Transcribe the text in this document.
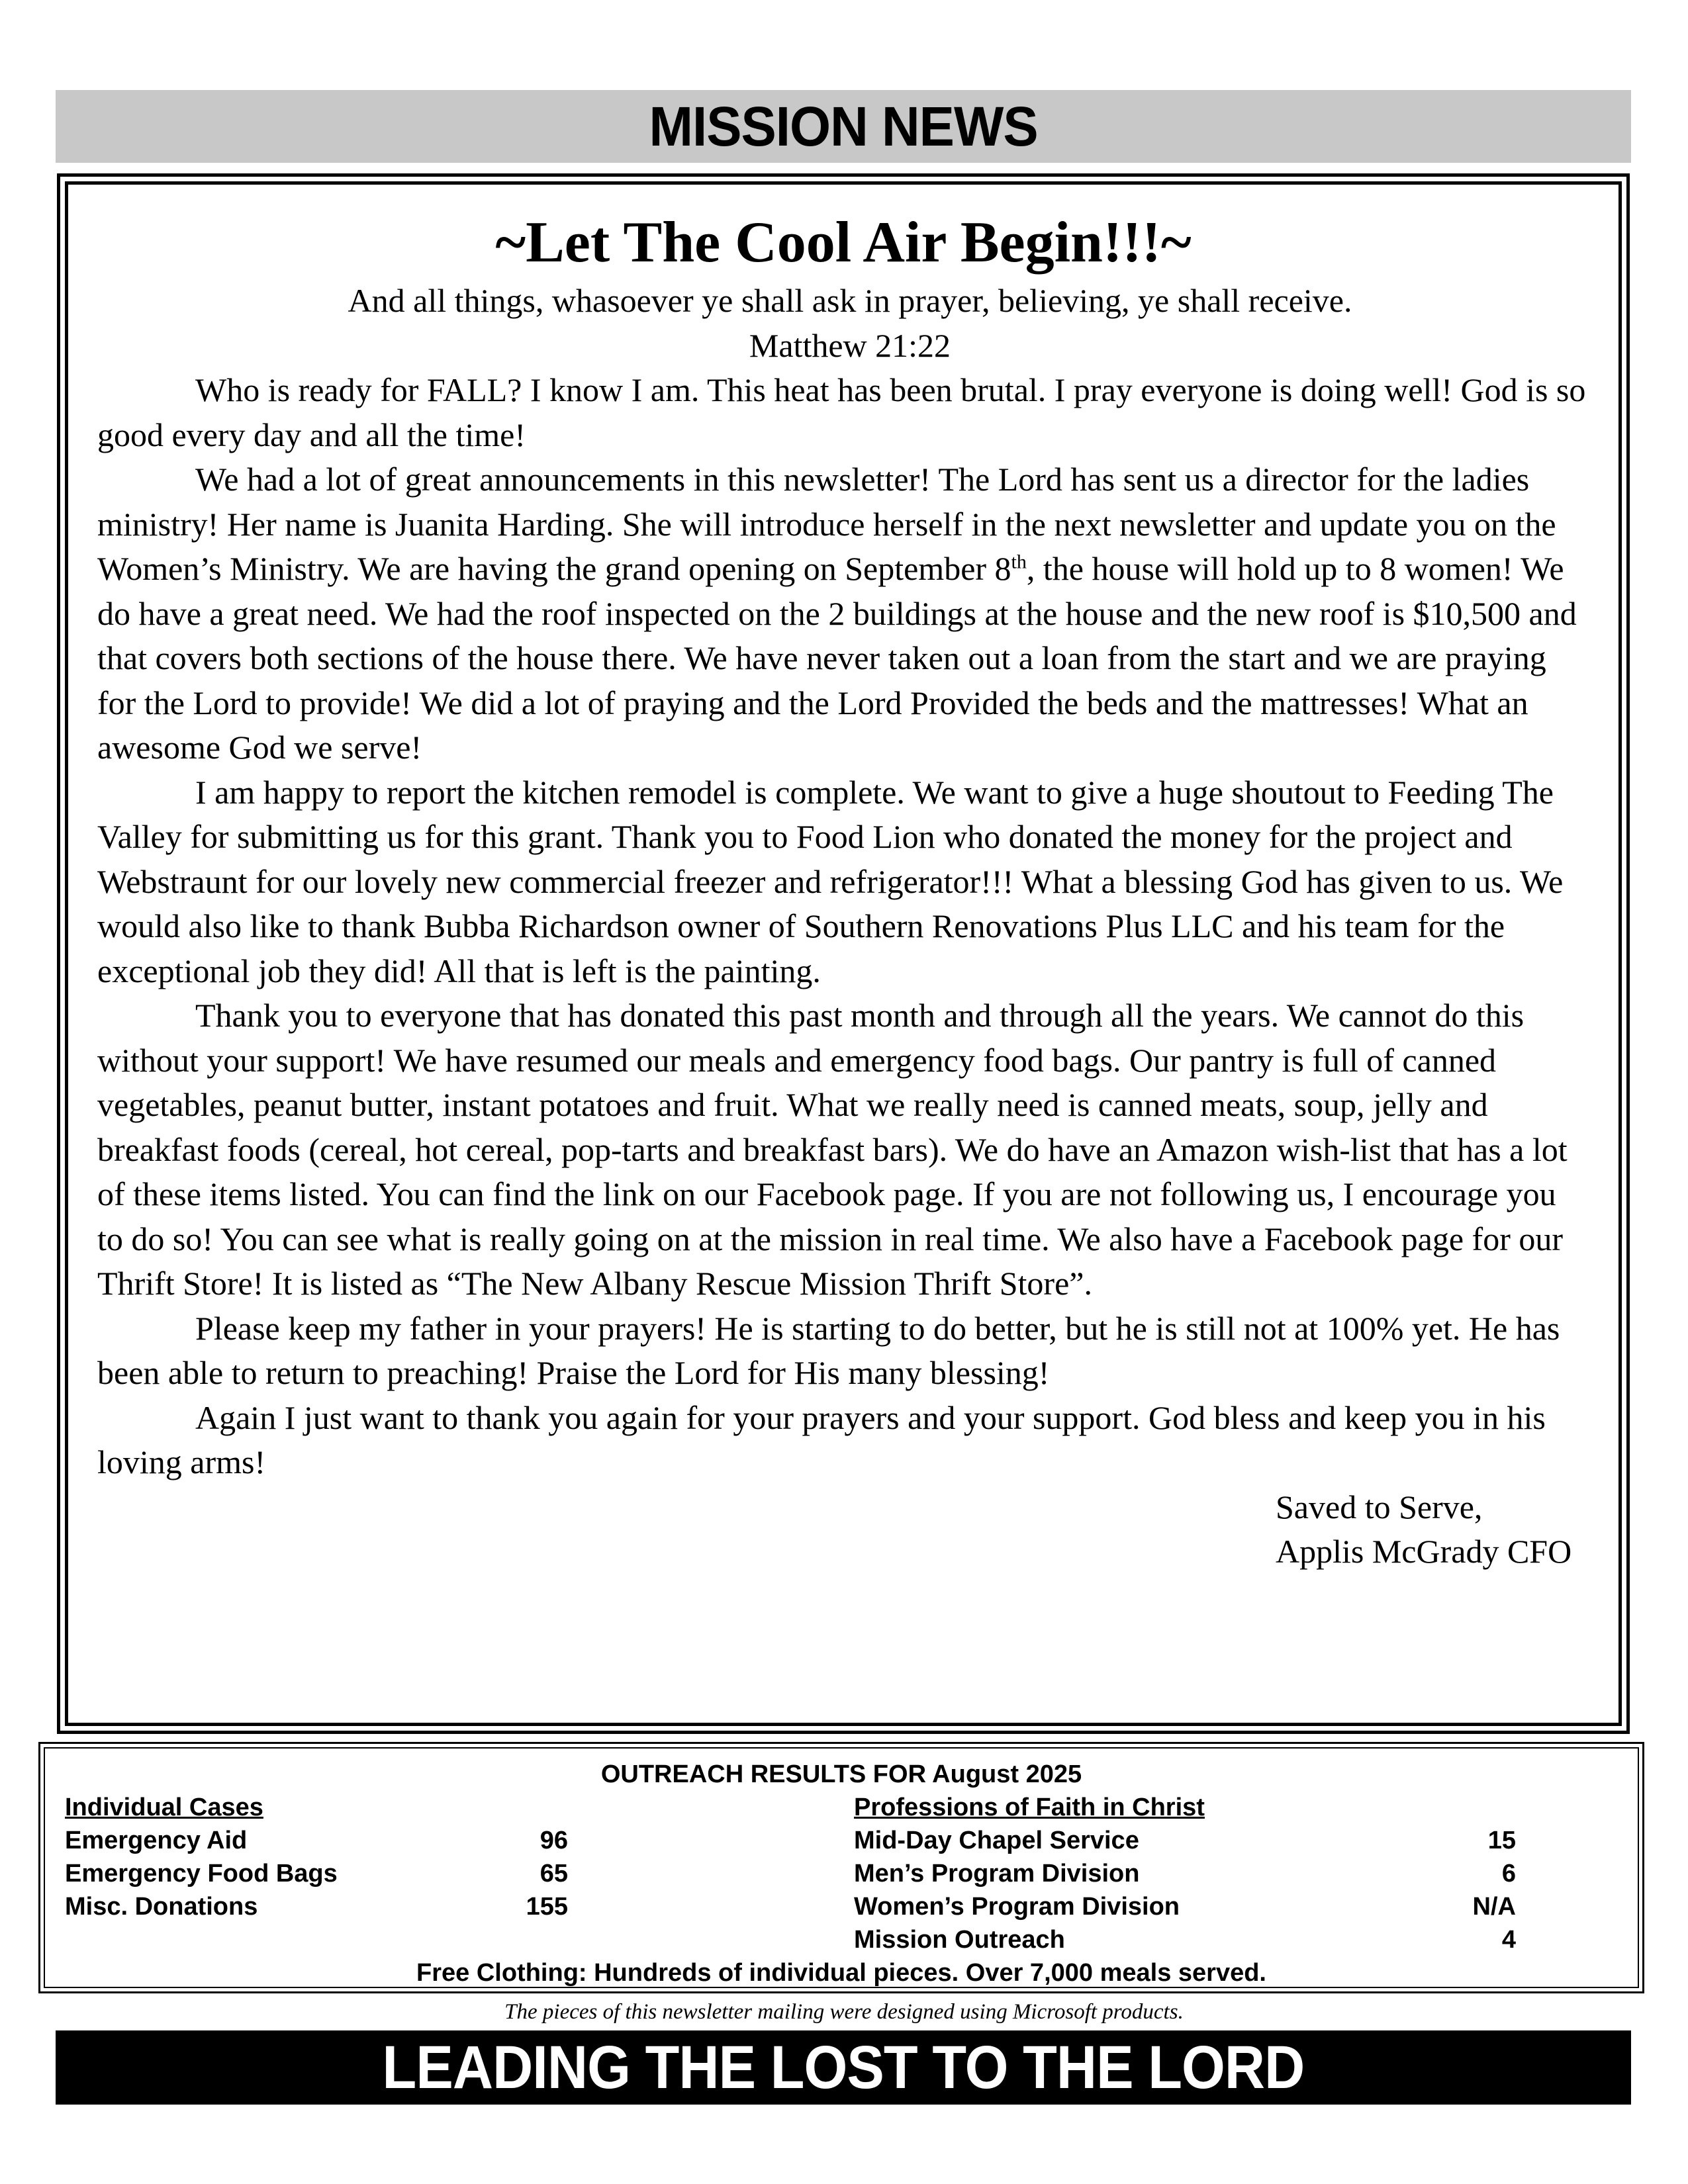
MISSION NEWS

~Let The Cool Air Begin!!!~

And all things, whasoever ye shall ask in prayer, believing, ye shall receive.

Matthew 21:22

Who is ready for FALL? I know I am. This heat has been brutal. I pray everyone is doing well! God is so good every day and all the time!

We had a lot of great announcements in this newsletter! The Lord has sent us a director for the ladies ministry! Her name is Juanita Harding. She will introduce herself in the next newsletter and update you on the Women’s Ministry. We are having the grand opening on September 8th, the house will hold up to 8 women! We do have a great need. We had the roof inspected on the 2 buildings at the house and the new roof is $10,500 and that covers both sections of the house there. We have never taken out a loan from the start and we are praying for the Lord to provide! We did a lot of praying and the Lord Provided the beds and the mattresses! What an awesome God we serve!

I am happy to report the kitchen remodel is complete. We want to give a huge shoutout to Feeding The Valley for submitting us for this grant. Thank you to Food Lion who donated the money for the project and Webstraunt for our lovely new commercial freezer and refrigerator!!! What a blessing God has given to us. We would also like to thank Bubba Richardson owner of Southern Renovations Plus LLC and his team for the exceptional job they did! All that is left is the painting.

Thank you to everyone that has donated this past month and through all the years. We cannot do this without your support! We have resumed our meals and emergency food bags. Our pantry is full of canned vegetables, peanut butter, instant potatoes and fruit. What we really need is canned meats, soup, jelly and breakfast foods (cereal, hot cereal, pop-tarts and breakfast bars). We do have an Amazon wish-list that has a lot of these items listed. You can find the link on our Facebook page. If you are not following us, I encourage you to do so! You can see what is really going on at the mission in real time. We also have a Facebook page for our Thrift Store! It is listed as “The New Albany Rescue Mission Thrift Store”.

Please keep my father in your prayers! He is starting to do better, but he is still not at 100% yet. He has been able to return to preaching! Praise the Lord for His many blessing!

Again I just want to thank you again for your prayers and your support. God bless and keep you in his loving arms!

Saved to Serve,

Applis McGrady CFO

OUTREACH RESULTS FOR August 2025
Individual Cases
Emergency Aid	96
Emergency Food Bags	65
Misc. Donations	155
Professions of Faith in Christ
Mid-Day Chapel Service	15
Men’s Program Division	6
Women’s Program Division	N/A
Mission Outreach	4
Free Clothing: Hundreds of individual pieces. Over 7,000 meals served.
The pieces of this newsletter mailing were designed using Microsoft products.
LEADING THE LOST TO THE LORD
